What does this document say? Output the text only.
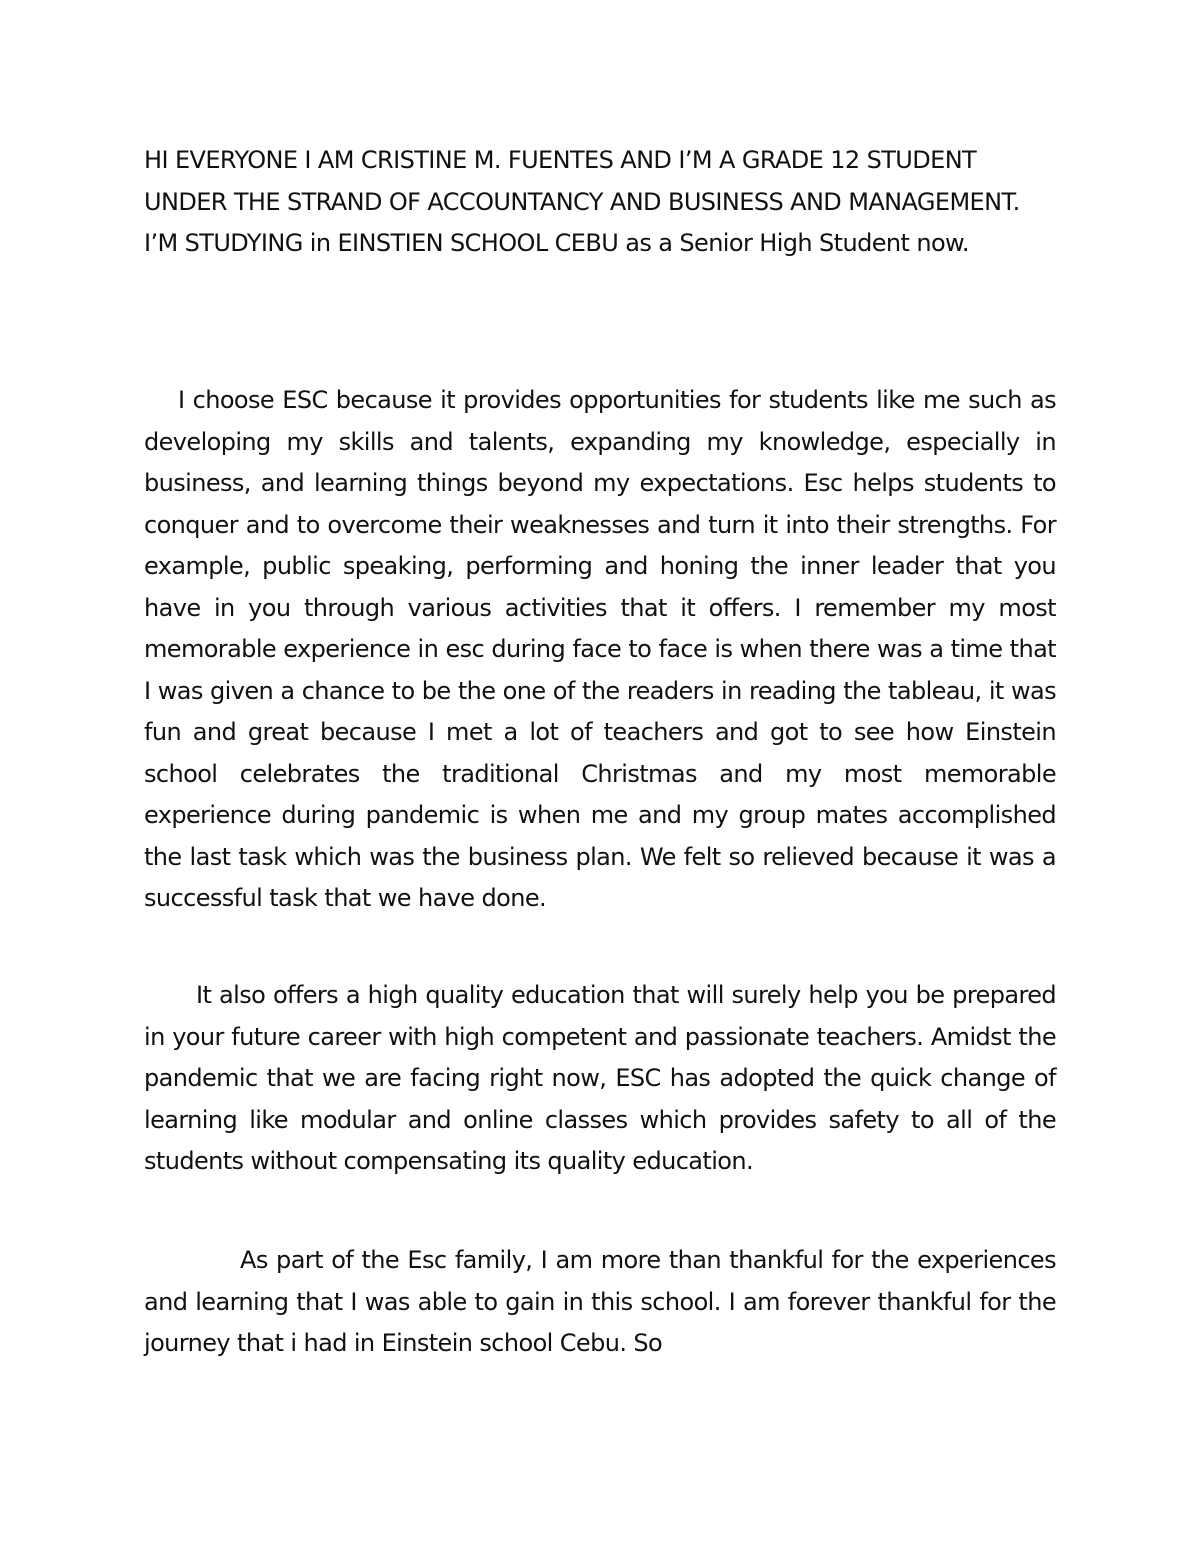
HI EVERYONE I AM CRISTINE M. FUENTES AND I’M A GRADE 12 STUDENT UNDER THE STRAND OF ACCOUNTANCY AND BUSINESS AND MANAGEMENT. I’M STUDYING in EINSTIEN SCHOOL CEBU as a Senior High Student now.

I choose ESC because it provides opportunities for students like me such as developing my skills and talents, expanding my knowledge, especially in business, and learning things beyond my expectations. Esc helps students to conquer and to overcome their weaknesses and turn it into their strengths. For example, public speaking, performing and honing the inner leader that you have in you through various activities that it offers. I remember my most memorable experience in esc during face to face is when there was a time that I was given a chance to be the one of the readers in reading the tableau, it was fun and great because I met a lot of teachers and got to see how Einstein school celebrates the traditional Christmas and my most memorable experience during pandemic is when me and my group mates accomplished the last task which was the business plan. We felt so relieved because it was a successful task that we have done.

It also offers a high quality education that will surely help you be prepared in your future career with high competent and passionate teachers. Amidst the pandemic that we are facing right now, ESC has adopted the quick change of learning like modular and online classes which provides safety to all of the students without compensating its quality education.

As part of the Esc family, I am more than thankful for the experiences and learning that I was able to gain in this school. I am forever thankful for the journey that i had in Einstein school Cebu. So
